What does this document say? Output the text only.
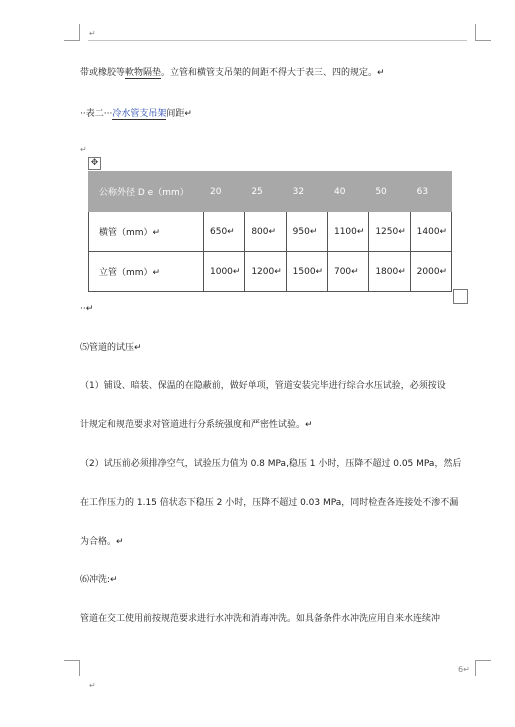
↵
↵
带或橡胶等軟物隔垫。立管和横管支吊架的间距不得大于表三、四的规定。↵
··表二···冷水管支吊架间距↵
↵
✥
公称外径 D e（mm）	20	25	32	40	50	63
横管（mm）↵	650↵	800↵	950↵	1100↵	1250↵	1400↵
立管（mm）↵	1000↵	1200↵	1500↵	700↵	1800↵	2000↵
··↵
⑸管道的试压↵
（1）铺设、暗装、保温的在隐蔽前，做好单项，管道安装完毕进行综合水压试验，必须按设
计规定和规范要求对管道进行分系统强度和严密性试验。↵
（2）试压前必须排净空气，试验压力值为 0.8 MPa,稳压 1 小时，压降不超过 0.05 MPa，然后
在工作压力的 1.15 倍状态下稳压 2 小时，压降不超过 0.03 MPa，同时检查各连接处不渗不漏
为合格。↵
⑹冲洗:↵
管道在交工使用前按规范要求进行水冲洗和消毒冲洗。如具备条件水冲洗应用自来水连续冲
6↵
